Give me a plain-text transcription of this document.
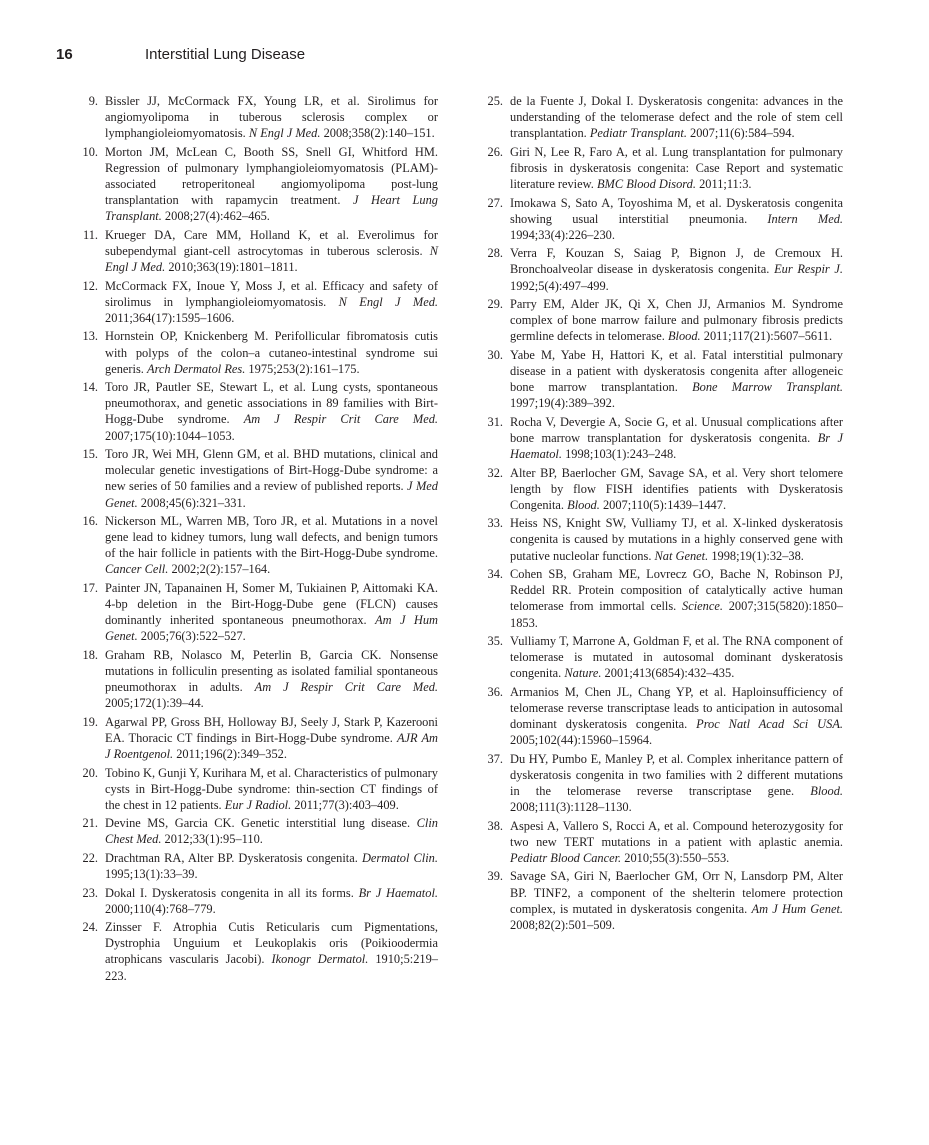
16	Interstitial Lung Disease
9. Bissler JJ, McCormack FX, Young LR, et al. Sirolimus for angiomyolipoma in tuberous sclerosis complex or lymphangioleiomyomatosis. N Engl J Med. 2008;358(2):140–151.
10. Morton JM, McLean C, Booth SS, Snell GI, Whitford HM. Regression of pulmonary lymphangioleiomyomatosis (PLAM)-associated retroperitoneal angiomyolipoma post-lung transplantation with rapamycin treatment. J Heart Lung Transplant. 2008;27(4):462–465.
11. Krueger DA, Care MM, Holland K, et al. Everolimus for subependymal giant-cell astrocytomas in tuberous sclerosis. N Engl J Med. 2010;363(19):1801–1811.
12. McCormack FX, Inoue Y, Moss J, et al. Efficacy and safety of sirolimus in lymphangioleiomyomatosis. N Engl J Med. 2011;364(17):1595–1606.
13. Hornstein OP, Knickenberg M. Perifollicular fibromatosis cutis with polyps of the colon–a cutaneo-intestinal syndrome sui generis. Arch Dermatol Res. 1975;253(2):161–175.
14. Toro JR, Pautler SE, Stewart L, et al. Lung cysts, spontaneous pneumothorax, and genetic associations in 89 families with Birt-Hogg-Dube syndrome. Am J Respir Crit Care Med. 2007;175(10):1044–1053.
15. Toro JR, Wei MH, Glenn GM, et al. BHD mutations, clinical and molecular genetic investigations of Birt-Hogg-Dube syndrome: a new series of 50 families and a review of published reports. J Med Genet. 2008;45(6):321–331.
16. Nickerson ML, Warren MB, Toro JR, et al. Mutations in a novel gene lead to kidney tumors, lung wall defects, and benign tumors of the hair follicle in patients with the Birt-Hogg-Dube syndrome. Cancer Cell. 2002;2(2):157–164.
17. Painter JN, Tapanainen H, Somer M, Tukiainen P, Aittomaki KA. 4-bp deletion in the Birt-Hogg-Dube gene (FLCN) causes dominantly inherited spontaneous pneumothorax. Am J Hum Genet. 2005;76(3):522–527.
18. Graham RB, Nolasco M, Peterlin B, Garcia CK. Nonsense mutations in folliculin presenting as isolated familial spontaneous pneumothorax in adults. Am J Respir Crit Care Med. 2005;172(1):39–44.
19. Agarwal PP, Gross BH, Holloway BJ, Seely J, Stark P, Kazerooni EA. Thoracic CT findings in Birt-Hogg-Dube syndrome. AJR Am J Roentgenol. 2011;196(2):349–352.
20. Tobino K, Gunji Y, Kurihara M, et al. Characteristics of pulmonary cysts in Birt-Hogg-Dube syndrome: thin-section CT findings of the chest in 12 patients. Eur J Radiol. 2011;77(3):403–409.
21. Devine MS, Garcia CK. Genetic interstitial lung disease. Clin Chest Med. 2012;33(1):95–110.
22. Drachtman RA, Alter BP. Dyskeratosis congenita. Dermatol Clin. 1995;13(1):33–39.
23. Dokal I. Dyskeratosis congenita in all its forms. Br J Haematol. 2000;110(4):768–779.
24. Zinsser F. Atrophia Cutis Reticularis cum Pigmentations, Dystrophia Unguium et Leukoplakis oris (Poikioodermia atrophicans vascularis Jacobi). Ikonogr Dermatol. 1910;5:219–223.
25. de la Fuente J, Dokal I. Dyskeratosis congenita: advances in the understanding of the telomerase defect and the role of stem cell transplantation. Pediatr Transplant. 2007;11(6):584–594.
26. Giri N, Lee R, Faro A, et al. Lung transplantation for pulmonary fibrosis in dyskeratosis congenita: Case Report and systematic literature review. BMC Blood Disord. 2011;11:3.
27. Imokawa S, Sato A, Toyoshima M, et al. Dyskeratosis congenita showing usual interstitial pneumonia. Intern Med. 1994;33(4):226–230.
28. Verra F, Kouzan S, Saiag P, Bignon J, de Cremoux H. Bronchoalveolar disease in dyskeratosis congenita. Eur Respir J. 1992;5(4):497–499.
29. Parry EM, Alder JK, Qi X, Chen JJ, Armanios M. Syndrome complex of bone marrow failure and pulmonary fibrosis predicts germline defects in telomerase. Blood. 2011;117(21):5607–5611.
30. Yabe M, Yabe H, Hattori K, et al. Fatal interstitial pulmonary disease in a patient with dyskeratosis congenita after allogeneic bone marrow transplantation. Bone Marrow Transplant. 1997;19(4):389–392.
31. Rocha V, Devergie A, Socie G, et al. Unusual complications after bone marrow transplantation for dyskeratosis congenita. Br J Haematol. 1998;103(1):243–248.
32. Alter BP, Baerlocher GM, Savage SA, et al. Very short telomere length by flow FISH identifies patients with Dyskeratosis Congenita. Blood. 2007;110(5):1439–1447.
33. Heiss NS, Knight SW, Vulliamy TJ, et al. X-linked dyskeratosis congenita is caused by mutations in a highly conserved gene with putative nucleolar functions. Nat Genet. 1998;19(1):32–38.
34. Cohen SB, Graham ME, Lovrecz GO, Bache N, Robinson PJ, Reddel RR. Protein composition of catalytically active human telomerase from immortal cells. Science. 2007;315(5820):1850–1853.
35. Vulliamy T, Marrone A, Goldman F, et al. The RNA component of telomerase is mutated in autosomal dominant dyskeratosis congenita. Nature. 2001;413(6854):432–435.
36. Armanios M, Chen JL, Chang YP, et al. Haploinsufficiency of telomerase reverse transcriptase leads to anticipation in autosomal dominant dyskeratosis congenita. Proc Natl Acad Sci USA. 2005;102(44):15960–15964.
37. Du HY, Pumbo E, Manley P, et al. Complex inheritance pattern of dyskeratosis congenita in two families with 2 different mutations in the telomerase reverse transcriptase gene. Blood. 2008;111(3):1128–1130.
38. Aspesi A, Vallero S, Rocci A, et al. Compound heterozygosity for two new TERT mutations in a patient with aplastic anemia. Pediatr Blood Cancer. 2010;55(3):550–553.
39. Savage SA, Giri N, Baerlocher GM, Orr N, Lansdorp PM, Alter BP. TINF2, a component of the shelterin telomere protection complex, is mutated in dyskeratosis congenita. Am J Hum Genet. 2008;82(2):501–509.
